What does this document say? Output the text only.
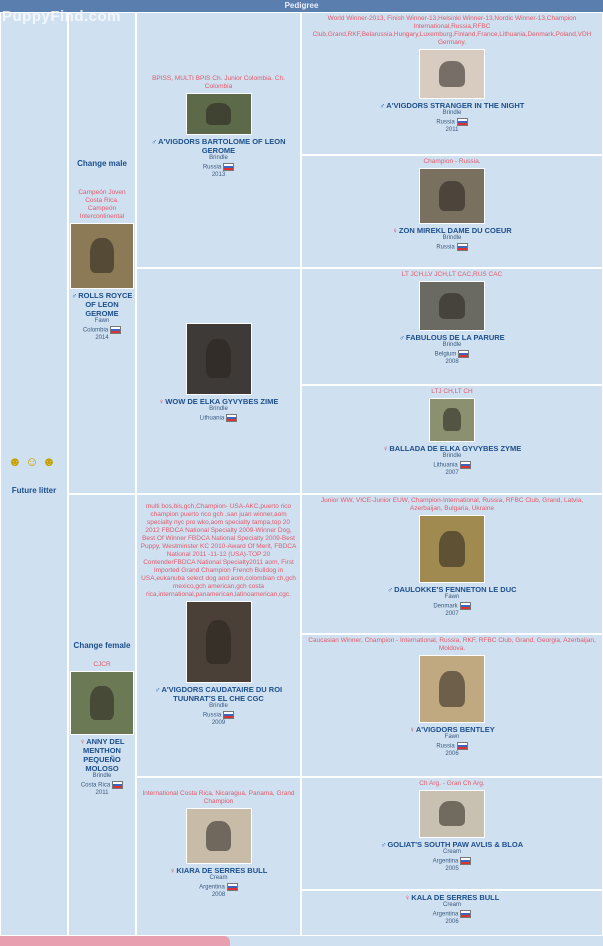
Pedigree
PuppyFind.com
Change male
Campeón Joven Costa Rica. Campeón Intercontinental
♂ROLLS ROYCE OF LEON GEROME
Fawn
Colombia
2014
Change female
CJCR
♀ANNY DEL MENTHON PEQUEÑO MOLOSO
Brindle
Costa Rica
2011
BPISS, MULTI BPIS Ch. Junior Colombia. Ch. Colombia
♂A'VIGDORS BARTOLOME OF LEON GEROME
Brindle
Russia
2013
♀WOW DE ELKA GYVYBES ZIME
Brindle
Lithuania
multi bos,bis,gch,Champion- USA-AKC,puerto rico champion puerto rico gch ,san juan winner,aom specialty nyc pro wko,aom specialty tampa,top 20 2012 FBDCA National Specialty 2009-Winner Dog, Best Of Winner FBDCA National Specialty 2009-Best Puppy, Westminster KC 2010-Award Of Merit, FBDCA National 2011 -11-12 (USA)-TOP 20 ContenderFBDCA National Specialty2011 aom, First Imported Grand Champion French Bulldog in USA,eukanuba select dog and aom,colombian ch,gch mexico,gch american,gch costa rica,international,panamerican,latinoamerican,cgc.
♂A'VIGDORS CAUDATAIRE DU ROI TUUNRAT'S EL CHE CGC
Brindle
Russia
2009
International Costa Rica, Nicaragua, Panama, Grand Champion
♀KIARA DE SERRES BULL
Cream
Argentina
2008
World Winner-2013, Finish Winner-13,Helsinki Winner-13,Nordic Winner-13,Champion International,Russia,RFBC Club,Grand,RKF,Belarussia,Hungary,Luxemburg,Finland,France,Lithuania,Denmark,Poland,VDH Germany.
♂A'VIGDORS STRANGER IN THE NIGHT
Brindle
Russia
2011
Champion - Russia.
♀ZON MIREKL DAME DU COEUR
Brindle
Russia
LT JCH,LV JCH,LT CAC,RUS CAC
♂FABULOUS DE LA PARURE
Brindle
Belgium
2008
LTJ CH,LT CH
♀BALLADA DE ELKA GYVYBES ZYME
Brindle
Lithuania
2007
Junior WW, VICE-Junior EUW, Champion-International, Russia, RFBC Club, Grand, Latvia, Azerbaijan, Bulgaria, Ukraine
♂DAULOKKE'S FENNETON LE DUC
Fawn
Denmark
2007
Caucasian Winner, Champion - International, Russia, RKF, RFBC Club, Grand, Georgia, Azerbaijan, Moldova.
♀A'VIGDORS BENTLEY
Fawn
Russia
2006
Ch Arg. - Gran Ch Arg.
♂GOLIAT'S SOUTH PAW AVLIS & BLOA
Cream
Argentina
2005
♀KALA DE SERRES BULL
Cream
Argentina
2006
☻ ☺ ☻
Future litter
